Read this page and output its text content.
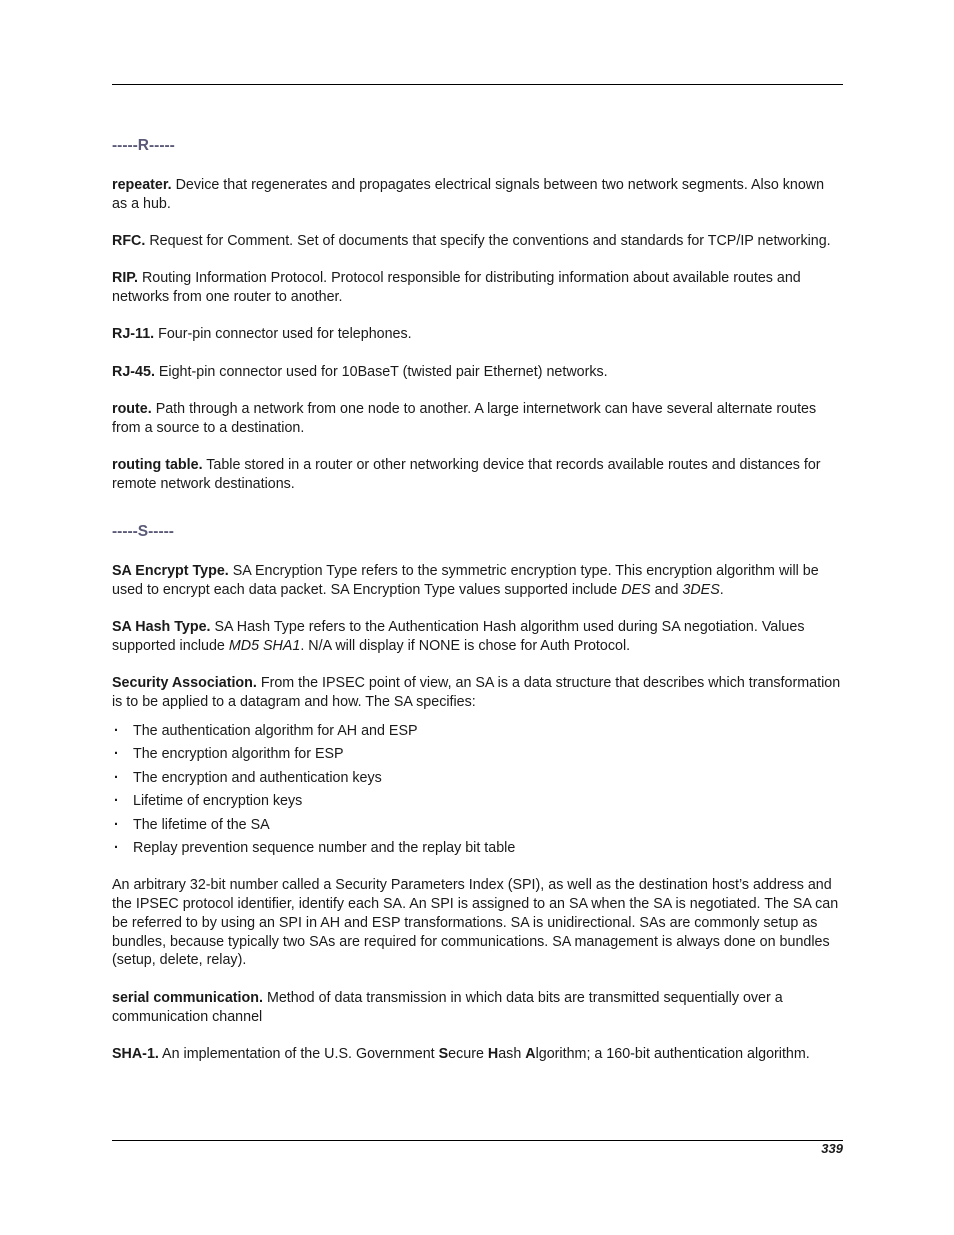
-----R-----

repeater. Device that regenerates and propagates electrical signals between two network segments. Also known as a hub.

RFC. Request for Comment. Set of documents that specify the conventions and standards for TCP/IP networking.

RIP. Routing Information Protocol. Protocol responsible for distributing information about available routes and networks from one router to another.

RJ-11. Four-pin connector used for telephones.

RJ-45. Eight-pin connector used for 10BaseT (twisted pair Ethernet) networks.

route. Path through a network from one node to another. A large internetwork can have several alternate routes from a source to a destination.

routing table. Table stored in a router or other networking device that records available routes and distances for remote network destinations.

-----S-----

SA Encrypt Type. SA Encryption Type refers to the symmetric encryption type. This encryption algorithm will be used to encrypt each data packet. SA Encryption Type values supported include DES and 3DES.

SA Hash Type. SA Hash Type refers to the Authentication Hash algorithm used during SA negotiation. Values supported include MD5 SHA1. N/A will display if NONE is chose for Auth Protocol.

Security Association. From the IPSEC point of view, an SA is a data structure that describes which transformation is to be applied to a datagram and how. The SA specifies:

· The authentication algorithm for AH and ESP
· The encryption algorithm for ESP
· The encryption and authentication keys
· Lifetime of encryption keys
· The lifetime of the SA
· Replay prevention sequence number and the replay bit table

An arbitrary 32-bit number called a Security Parameters Index (SPI), as well as the destination host’s address and the IPSEC protocol identifier, identify each SA. An SPI is assigned to an SA when the SA is negotiated. The SA can be referred to by using an SPI in AH and ESP transformations. SA is unidirectional. SAs are commonly setup as bundles, because typically two SAs are required for communications. SA management is always done on bundles (setup, delete, relay).

serial communication. Method of data transmission in which data bits are transmitted sequentially over a communication channel

SHA-1. An implementation of the U.S. Government Secure Hash Algorithm; a 160-bit authentication algorithm.

339
